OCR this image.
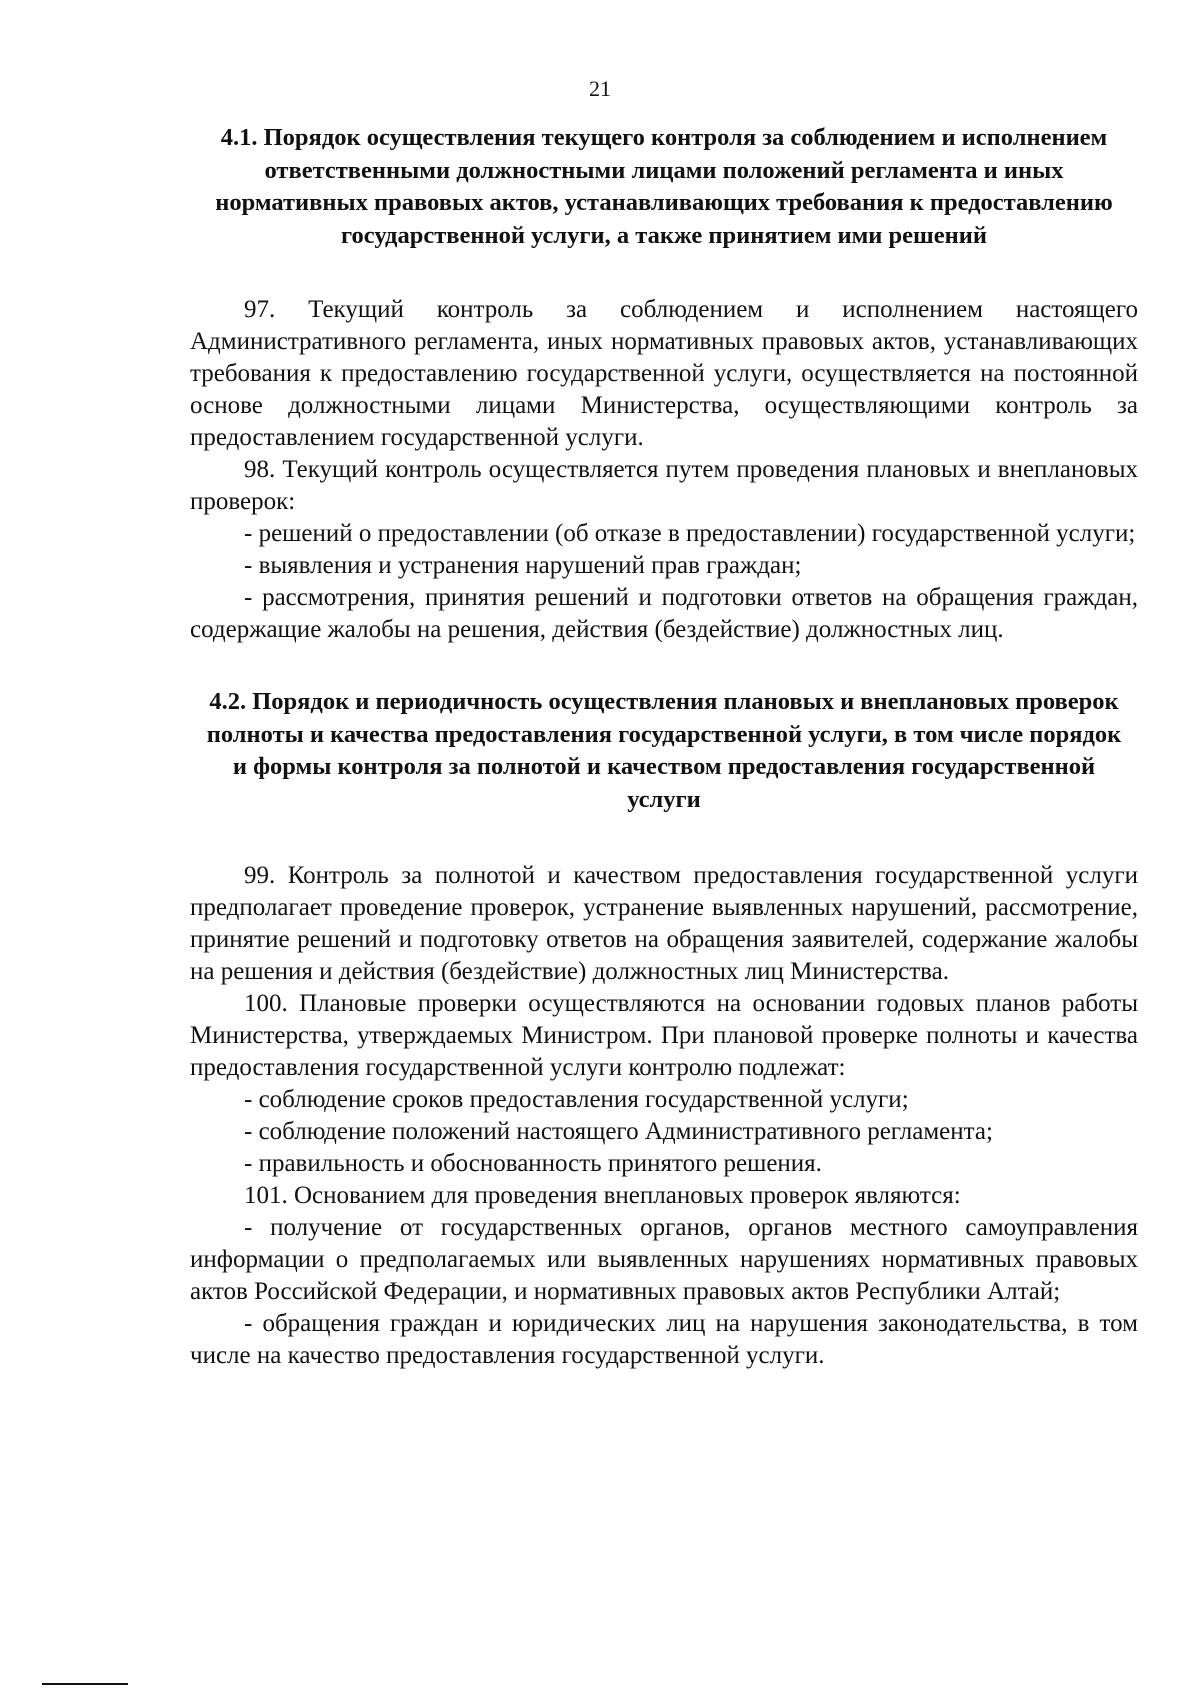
21

4.1. Порядок осуществления текущего контроля за соблюдением и исполнением ответственными должностными лицами положений регламента и иных нормативных правовых актов, устанавливающих требования к предоставлению государственной услуги, а также принятием ими решений

97. Текущий контроль за соблюдением и исполнением настоящего Административного регламента, иных нормативных правовых актов, устанавливающих требования к предоставлению государственной услуги, осуществляется на постоянной основе должностными лицами Министерства, осуществляющими контроль за предоставлением государственной услуги.

98. Текущий контроль осуществляется путем проведения плановых и внеплановых проверок:

- решений о предоставлении (об отказе в предоставлении) государственной услуги;

- выявления и устранения нарушений прав граждан;

- рассмотрения, принятия решений и подготовки ответов на обращения граждан, содержащие жалобы на решения, действия (бездействие) должностных лиц.

4.2. Порядок и периодичность осуществления плановых и внеплановых проверок полноты и качества предоставления государственной услуги, в том числе порядок и формы контроля за полнотой и качеством предоставления государственной услуги

99. Контроль за полнотой и качеством предоставления государственной услуги предполагает проведение проверок, устранение выявленных нарушений, рассмотрение, принятие решений и подготовку ответов на обращения заявителей, содержание жалобы на решения и действия (бездействие) должностных лиц Министерства.

100. Плановые проверки осуществляются на основании годовых планов работы Министерства, утверждаемых Министром. При плановой проверке полноты и качества предоставления государственной услуги контролю подлежат:

- соблюдение сроков предоставления государственной услуги;

- соблюдение положений настоящего Административного регламента;

- правильность и обоснованность принятого решения.

101. Основанием для проведения внеплановых проверок являются:

- получение от государственных органов, органов местного самоуправления информации о предполагаемых или выявленных нарушениях нормативных правовых актов Российской Федерации, и нормативных правовых актов Республики Алтай;

- обращения граждан и юридических лиц на нарушения законодательства, в том числе на качество предоставления государственной услуги.
